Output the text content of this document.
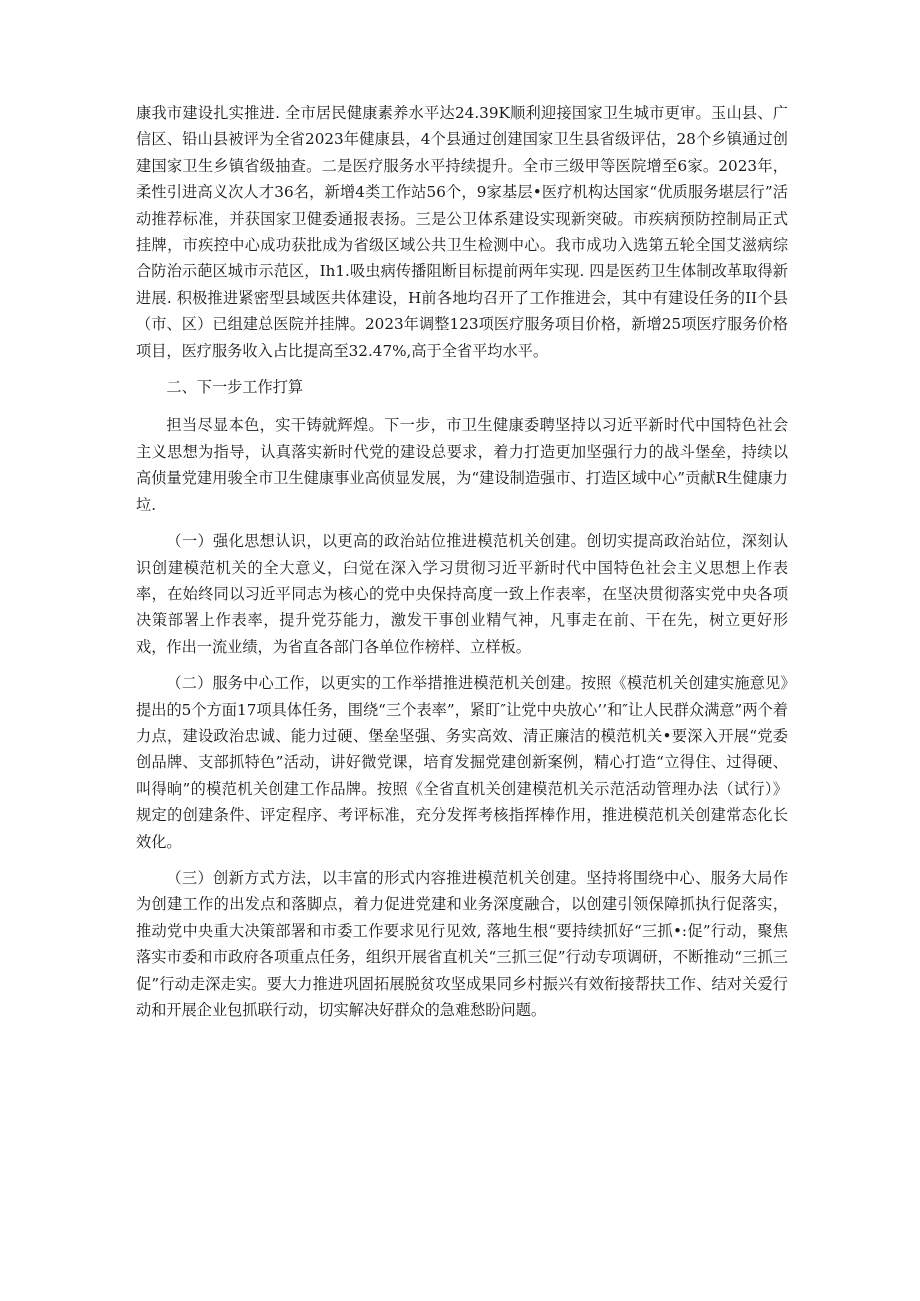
康我市建设扎实推进. 全市居民健康素养水平达24.39K顺利迎接国家卫生城市更审。玉山县、广信区、铅山县被评为全省2023年健康县，4个县通过创建国家卫生县省级评估，28个乡镇通过创建国家卫生乡镇省级抽查。二是医疗服务水平持续提升。全市三级甲等医院增至6家。2023年，柔性引进高义次人才36名，新增4类工作站56个，9家基层•医疗机构达国家“优质服务堪层行”活动推荐标准，并获国家卫健委通报表扬。三是公卫体系建设实现新突破。市疾病预防控制局正式挂牌，市疾控中心成功获批成为省级区域公共卫生检测中心。我市成功入选第五轮全国艾滋病综合防治示葩区城市示范区，Ih1.吸虫病传播阻断目标提前两年实现. 四是医药卫生体制改革取得新进展. 积极推进紧密型县域医共体建设，H前各地均召开了工作推进会，其中有建设任务的II个县（市、区）已组建总医院并挂牌。2023年调整123项医疗服务项目价格，新增25项医疗服务价格项目，医疗服务收入占比提高至32.47%,高于全省平均水平。

二、下一步工作打算

担当尽显本色，实干铸就辉煌。下一步，市卫生健康委聘坚持以习近平新时代中国特色社会主义思想为指导，认真落实新时代党的建设总要求，着力打造更加坚强行力的战斗堡垒，持续以高侦量党建用骏全市卫生健康事业高侦显发展，为“建设制造强市、打造区域中心”贡献R生健康力垃.

（一）强化思想认识，以更高的政治站位推进模范机关创建。创切实提高政治站位，深刻认识创建模范机关的全大意义，臼觉在深入学习贯彻习近平新时代中国特色社会主义思想上作表率，在始终同以习近平同志为核心的党中央保持高度一致上作表率，在坚决贯彻落实党中央各项决策部署上作表率，提升党芬能力，激发干事创业精气神，凡事走在前、干在先，树立更好形戏，作出一流业绩，为省直各部门各单位作榜样、立样板。

（二）服务中心工作，以更实的工作举措推进模范机关创建。按照《模范机关创建实施意见》提出的5个方面17项具体任务，围绕“三个表率”，紧盯″让党中央放心’’和″让人民群众满意”两个着力点，建设政治忠诚、能力过硬、堡垒坚强、务实高效、清正廉洁的模范机关•要深入开展“党委创品牌、支部抓特色”活动，讲好微党课，培育发掘党建创新案例，精心打造“立得住、过得硬、叫得晌”的模范机关创建工作品牌。按照《全省直机关创建模范机关示范活动管理办法（试行）》规定的创建条件、评定程序、考评标准，充分发挥考核指挥棒作用，推进模范机关创建常态化长效化。

（三）创新方式方法，以丰富的形式内容推进模范机关创建。坚持将围绕中心、服务大局作为创建工作的出发点和落脚点，着力促进党建和业务深度融合，以创建引领保障抓执行促落实，推动党中央重大决策部署和市委工作要求见行见效, 落地生根“要持续抓好“三抓•:促”行动，聚焦落实市委和市政府各项重点任务，组织开展省直机关“三抓三促”行动专项调研，不断推动“三抓三促”行动走深走实。要大力推进巩固拓展脱贫攻坚成果同乡村振兴有效衔接帮扶工作、结对关爱行动和开展企业包抓联行动，切实解决好群众的急难愁盼问题。
